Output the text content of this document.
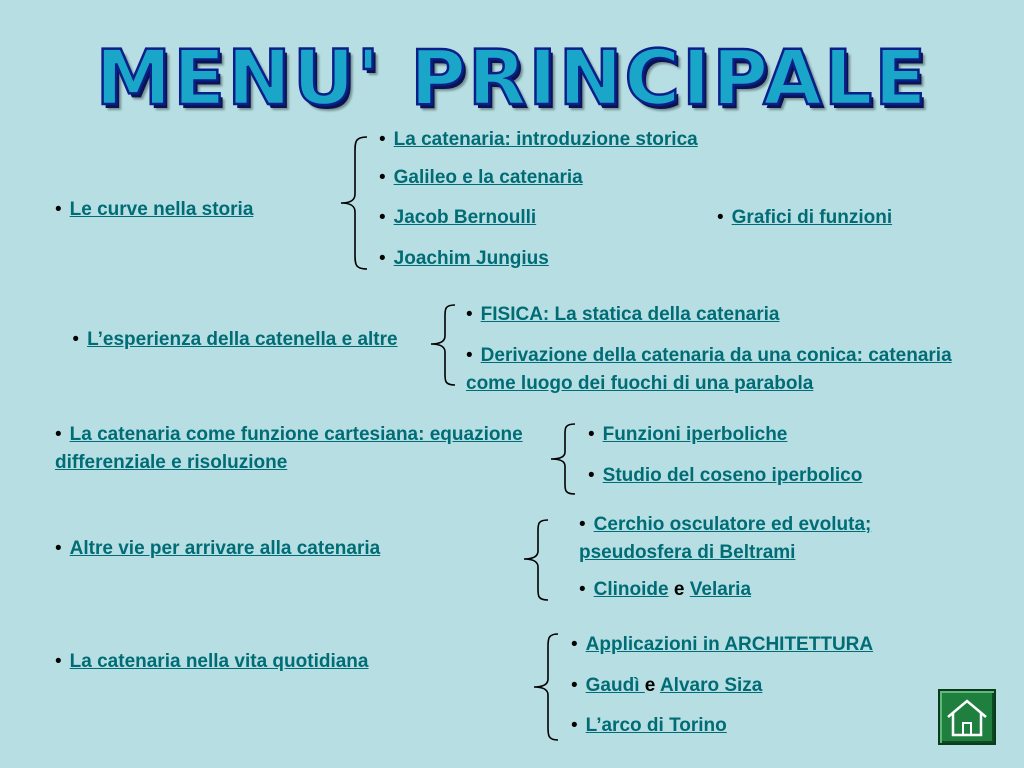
MENU' PRINCIPALE
• Le curve nella storia
• La catenaria: introduzione storica
• Galileo e la catenaria
• Jacob Bernoulli
• Joachim Jungius
• Grafici di funzioni
• L’esperienza della catenella e altre
• FISICA: La statica della catenaria
• Derivazione della catenaria da una conica: catenaria come luogo dei fuochi di una parabola
• La catenaria come funzione cartesiana: equazione differenziale e risoluzione
• Funzioni iperboliche
• Studio del coseno iperbolico
• Altre vie per arrivare alla catenaria
• Cerchio osculatore ed evoluta; pseudosfera di Beltrami
• Clinoide e Velaria
• La catenaria nella vita quotidiana
• Applicazioni in ARCHITETTURA
• Gaudì e Alvaro Siza
• L’arco di Torino
